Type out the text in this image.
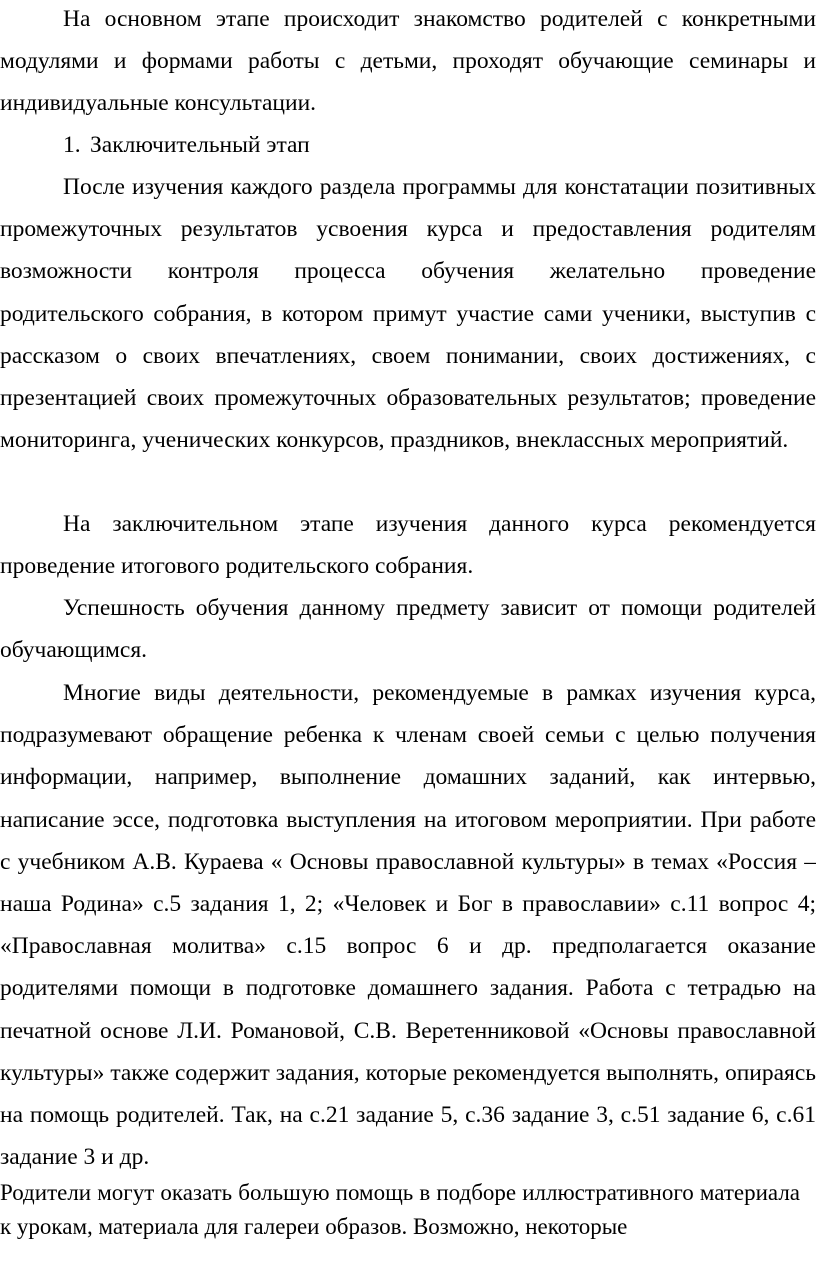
На основном этапе происходит знакомство родителей с конкретными модулями и формами работы с детьми, проходят обучающие семинары и индивидуальные консультации.

1. Заключительный этап

После изучения каждого раздела программы для констатации позитивных промежуточных результатов усвоения курса и предоставления родителям возможности контроля процесса обучения желательно проведение родительского собрания, в котором примут участие сами ученики, выступив с рассказом о своих впечатлениях, своем понимании, своих достижениях, с презентацией своих промежуточных образовательных результатов; проведение мониторинга, ученических конкурсов, праздников, внеклассных мероприятий.

На заключительном этапе изучения данного курса рекомендуется проведение итогового родительского собрания.

Успешность обучения данному предмету зависит от помощи родителей обучающимся.

Многие виды деятельности, рекомендуемые в рамках изучения курса, подразумевают обращение ребенка к членам своей семьи с целью получения информации, например, выполнение домашних заданий, как интервью, написание эссе, подготовка выступления на итоговом мероприятии. При работе с учебником А.В. Кураева « Основы православной культуры» в темах «Россия – наша Родина» с.5 задания 1, 2; «Человек и Бог в православии» с.11 вопрос 4; «Православная молитва» с.15 вопрос 6 и др. предполагается оказание родителями помощи в подготовке домашнего задания. Работа с тетрадью на печатной основе Л.И. Романовой, С.В. Веретенниковой «Основы православной культуры» также содержит задания, которые рекомендуется выполнять, опираясь на помощь родителей. Так, на с.21 задание 5, с.36 задание 3, с.51 задание 6, с.61 задание 3 и др.

Родители могут оказать большую помощь в подборе иллюстративного материала к урокам, материала для галереи образов. Возможно, некоторые
